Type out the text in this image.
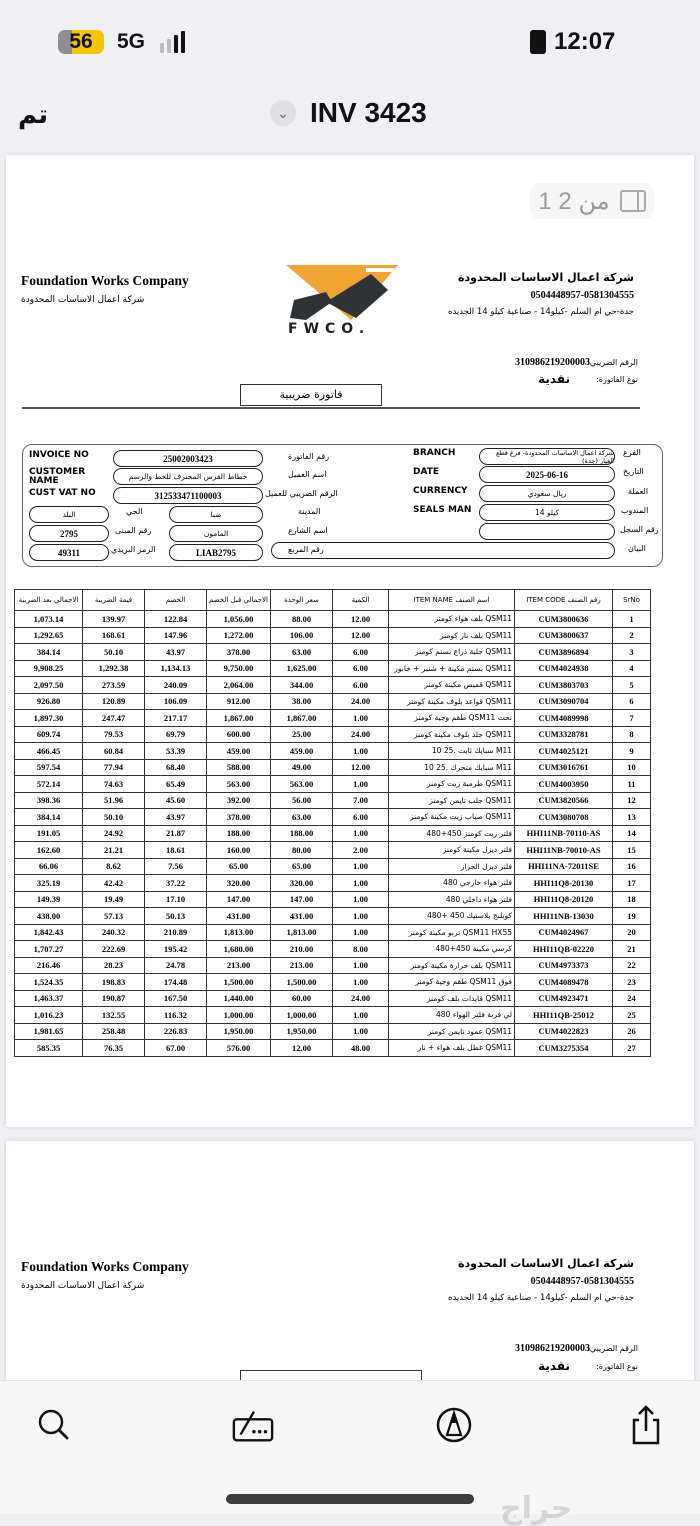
56 5G	12:07
تم	⌄ INV 3423
1 من 2
Foundation Works Company
شركة اعمال الاساسات المحدودة
FWCO.
شركة اعمال الاساسات المحدودة
0504448957-0581304555
جدة-حي ام السلم -كيلو14 - صناعية كيلو 14 الجديده
الرقم الضريبي:
310986219200003
نوع الفاتورة:
نقدية
فاتورة ضريبية
INVOICE NO	25002003423	رقم الفاتورة
CUSTOMER NAME	خطاط الفرس المحترف للخط والرسم	اسم العميل
CUST VAT NO	312533471100003	الرقم الضريبي للعميل
البلد	الحي	ضبا	المدينة
2795	رقم المبنى	المامون	اسم الشارع
49311	الرمز البريدي	LIAB2795	رقم المربع
BRANCH	شركة اعمال الاساسات المحدودة- فرع قطع الغيار (جدة)
الفرع
DATE	2025-06-16	التاريخ
CURRENCY	ريال سعودي	العملة
SEALS MAN	كيلو 14	المندوب
رقم السجل
البيان
الاجمالي بعد الضريبة	قيمة الضريبة	الخصم	الاجمالي قبل الخصم	سعر الوحدة	الكمية	ITEM NAME اسم الصنف	ITEM CODE رقم الصنف	SrNo
1,073.14	139.97	122.84	1,056.00	88.00	12.00	QSM11 بلف هواء كومنز	CUM3800636	1
1,292.65	168.61	147.96	1,272.00	106.00	12.00	QSM11 بلف نار كومنز	CUM3800637	2
384.14	50.10	43.97	378.00	63.00	6.00	QSM11 جلبة ذراع بستم كومنز	CUM3896894	3
9,908.25	1,292.38	1,134.13	9,750.00	1,625.00	6.00	QSM11 بستم مكينة + شنبر + خابور	CUM4024938	4
2,097.50	273.59	240.09	2,064.00	344.00	6.00	QSM11 قميص مكينة كومنز	CUM3803703	5
926.80	120.89	106.09	912.00	38.00	24.00	QSM11 قواعد بلوف مكينة كومنز	CUM3090704	6
1,897.30	247.47	217.17	1,867.00	1,867.00	1.00	تحت QSM11 طقم وجية كومنز	CUM4089998	7
609.74	79.53	69.79	600.00	25.00	24.00	QSM11 جلد بلوف مكينة كومنز	CUM3328781	8
466.45	60.84	53.39	459.00	459.00	1.00	M11 سبايك ثابت .25 10	CUM4025121	9
597.54	77.94	68.40	588.00	49.00	12.00	M11 سبايك متحرك .25 10	CUM3016761	10
572.14	74.63	65.49	563.00	563.00	1.00	QSM11 طرمبة زيت كومنز	CUM4003950	11
398.36	51.96	45.60	392.00	56.00	7.00	QSM11 جلب تايمن كومنز	CUM3820566	12
384.14	50.10	43.97	378.00	63.00	6.00	QSM11 صباب زيت مكينة كومنز	CUM3080708	13
191.05	24.92	21.87	188.00	188.00	1.00	فلتر زيت كومنز 450+480	HHI11NB-70110-AS	14
162.60	21.21	18.61	160.00	80.00	2.00	فلتر ديزل مكينة كومنز	HHI11NB-70010-AS	15
66.06	8.62	7.56	65.00	65.00	1.00	فلتر ديزل الجزاز	HHI11NA-72011SE	16
325.19	42.42	37.22	320.00	320.00	1.00	فلتر هواء خارجي 480	HHI11Q8-20130	17
149.39	19.49	17.10	147.00	147.00	1.00	فلتر هواء داخلي 480	HHI11Q8-20120	18
438.00	57.13	50.13	431.00	431.00	1.00	كوبلنج بلاستيك 450 +480	HHI11NB-13030	19
1,842.43	240.32	210.89	1,813.00	1,813.00	1.00	QSM11 HX55 تربو مكينة كومنز	CUM4024967	20
1,707.27	222.69	195.42	1,680.00	210.00	8.00	كرسي مكينة 450+480	HHI11QB-02220	21
216.46	28.23	24.78	213.00	213.00	1.00	QSM11 بلف حرارة مكينة كومنز	CUM4973373	22
1,524.35	198.83	174.48	1,500.00	1,500.00	1.00	فوق QSM11 طقم وجية كومنز	CUM4089478	23
1,463.37	190.87	167.50	1,440.00	60.00	24.00	QSM11 قايدات بلف كومنز	CUM4923471	24
1,016.23	132.55	116.32	1,000.00	1,000.00	1.00	لي قربة فلتر الهواء 480	HHI11QB-25012	25
1,981.65	258.48	226.83	1,950.00	1,950.00	1.00	QSM11 عمود تايمن كومنز	CUM4022823	26
585.35	76.35	67.00	576.00	12.00	48.00	QSM11 غطل بلف هواء + نار	CUM3275354	27
Foundation Works Company
شركة اعمال الاساسات المحدودة
شركة اعمال الاساسات المحدودة
0504448957-0581304555
جدة-حي ام السلم -كيلو14 - صناعية كيلو 14 الجديده
الرقم الضريبي:
310986219200003
نوع الفاتورة:
نقدية
حراج
